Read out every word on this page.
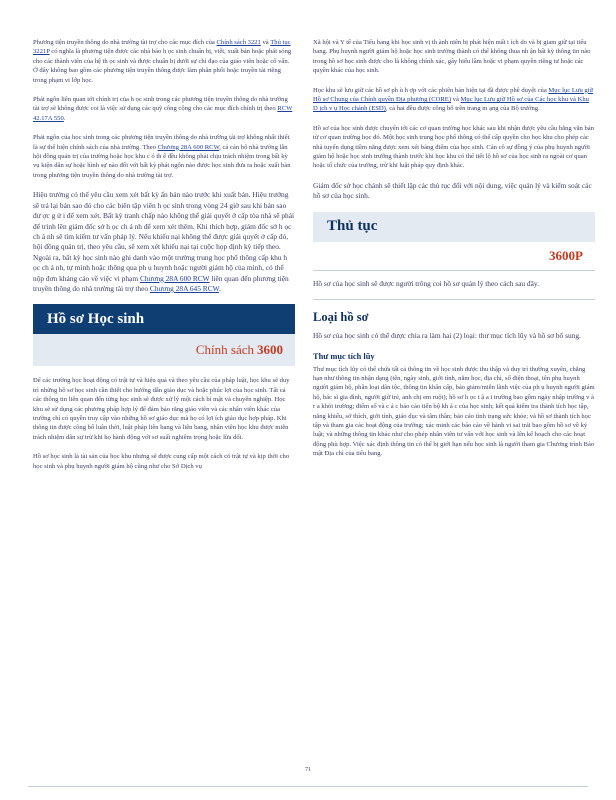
Phương tiện truyền thông do nhà trường tài trợ cho các mục đích của Chính sách 3221 và Thủ tục 3221P có nghĩa là phương tiện được các nhà báo h ọc sinh chuẩn bị, viết, xuất bản hoặc phát sóng cho các thành viên của hệ th ọc sinh và được chuẩn bị dưới sự chỉ đạo của giáo viên hoặc cố vấn. Ở đây không bao gồm các phương tiện truyền thông được làm phân phối hoặc truyền tải riêng trong phạm vi lớp học.

Phát ngôn liên quan tới chính trị của h ọc sinh trong các phương tiện truyền thông do nhà trường tài trợ sẽ không được coi là việc sử dụng các quỹ công cộng cho các mục đích chính trị theo RCW 42.17A 550.

Phát ngôn của học sinh trong các phương tiện truyền thông do nhà trường tài trợ không nhất thiết là sự thể hiện chính sách của nhà trường. Theo Chương 28A 600 RCW, cả cán bộ nhà trường lẫn hội đồng quản trị của trường hoặc học khu c ó th ể đều không phải chịu trách nhiệm trong bất kỳ vụ kiện dân sự hoặc hình sự nào đối với bất kỳ phát ngôn nào được học sinh đưa ra hoặc xuất bản trong phương tiện truyền thông do nhà trường tài trợ.

Hiệu trưởng có thể yêu cầu xem xét bất kỳ ấn bản nào trước khi xuất bản. Hiệu trưởng sẽ trả lại bản sao đó cho các biên tập viên h ọc sinh trong vòng 24 giờ sau khi bản sao đư ợc g ử i để xem xét. Bất kỳ tranh chấp nào không thể giải quyết ở cấp tòa nhà sẽ phải để trình lên giám đốc sở h ọc ch ả nh để xem xét thêm. Khi thích hợp, giám đốc sở h ọc ch ả nh sẽ tìm kiếm tư vấn pháp lý. Nếu khiếu nại không thể được giải quyết ở cấp đó, hội đồng quản trị, theo yêu cầu, sẽ xem xét khiếu nại tại cuộc họp định kỳ tiếp theo. Ngoài ra, bất kỳ học sinh nào ghi danh vào một trường trung học phổ thông cấp khu h ọc ch ả nh, tự mình hoặc thông qua ph ụ huynh hoặc người giám hộ của mình, có thể nộp đơn kháng cáo về việc vi phạm Chương 28A 600 RCW liên quan đến phương tiện truyền thông do nhà trường tài trợ theo Chương 28A 645 RCW.

Hồ sơ Học sinh
Chính sách 3600

Để các trường học hoạt động có trật tự và hiệu quả và theo yêu cầu của pháp luật, học khu sẽ duy trì những hồ sơ học sinh cần thiết cho hướng dẫn giáo dục và hoặc phúc lợi của học sinh. Tất cả các thông tin liên quan đến từng học sinh sẽ được xử lý một cách bí mật và chuyên nghiệp. Học khu sẽ sử dụng các phương pháp hợp lý để đảm bảo rằng giáo viên và các nhân viên khác của trường chỉ có quyền truy cập vào những hồ sơ giáo dục mà họ có lợi ích giáo dục hợp pháp. Khi thông tin được công bố luân thời, luật pháp liên bang và liên bang, nhân viên học khu được miễn trách nhiệm dân sự trừ khi họ hành động với sơ suất nghiêm trọng hoặc lừa dối.

Hồ sơ học sinh là tài sản của học khu nhưng sẽ được cung cấp một cách có trật tự và kịp thời cho học sinh và phụ huynh người giám hộ cũng như cho Sở Dịch vụ

Xã hội và Y tế của Tiểu bang khi học sinh vị th ành niên bị phát hiện mất t ích do và bị giam giữ tại tiểu bang. Phụ huynh người giám hộ hoặc học sinh trưởng thành có thể không thua nh ận bất kỳ thông tin nào trong hồ sơ học sinh được cho là không chính xác, gây hiểu lầm hoặc vi phạm quyền riêng tư hoặc các quyền khác của học sinh.

Học khu sẽ lưu giữ các hồ sơ ph ù h ợp với các phiên bản hiện tại đã được phê duyệt của Mục lục Lưu giữ Hồ sơ Chung của Chính quyền Địa phương (CORE) và Mục lục Lưu giữ Hồ sơ của Các học khu và Khu D ịch v ụ Học chánh (ESD), cả hai đều được công bố trên trang m ạng của Bộ trưởng.

Hồ sơ của học sinh được chuyển tới các cơ quan trường học khác sau khi nhận được yêu cầu bằng văn bản từ cơ quan trường học đó. Một học sinh trung học phổ thông có thể cấp quyền cho học khu cho phép các nhà tuyển dụng tiềm năng được xem xét bảng điểm của học sinh. Cán cô sự đồng ý của phụ huynh người giám hộ hoặc học sinh trưởng thành trước khi học khu có thể tiết lộ hồ sơ của học sinh ra ngoài cơ quan hoặc tổ chức của trường, trừ khi luật pháp quy định khác.

Giám đốc sở học chánh sẽ thiết lập các thủ tục đối với nội dung, việc quản lý và kiểm soát các hồ sơ của học sinh.

Thủ tục
3600P

Hồ sơ của học sinh sẽ được người trông coi hồ sơ quản lý theo cách sau đây.

Loại hồ sơ

Hồ sơ của học sinh có thể được chia ra làm hai (2) loại: thư mục tích lũy và hồ sơ bổ sung.

Thư mục tích lũy

Thư mục tích lũy có thể chứa tất cả thông tin về học sinh được thu thập và duy trì thường xuyên, chẳng hạn như thông tin nhận dạng (tên, ngày sinh, giới tính, năm học, địa chỉ, số điện thoại, tên phụ huynh người giám hộ, phân loại dân tộc, thông tin khẩn cấp, bảo giảm/miễn lãnh việc của ph ụ huynh người giám hộ, bác sĩ gia đình, người giữ trẻ, anh chị em ruột); hồ sơ h ọc t ậ a i trường bao gồm ngày nhập trường v à r a khỏi trường; điểm số và c á c báo cáo tiến bộ kh á c của học sinh; kết quả kiểm tra thành tích học tập, năng khiếu, sở thích, giới tính, giáo dục và tâm thần; báo cáo tình trạng sức khỏe; và hồ sơ thành tích học tập và tham gia các hoạt động của trường; xác minh các báo cáo về hành vi sai trái bao gồm hồ sơ về kỷ luật; và những thông tin khác như cho phép nhân viên tư vấn với học sinh và lên kế hoạch cho các hoạt động phù hợp. Việc xác định thông tin có thể bị giới hạn nếu học sinh là người tham gia Chương trình Bảo mật Địa chỉ của tiểu bang.

71
